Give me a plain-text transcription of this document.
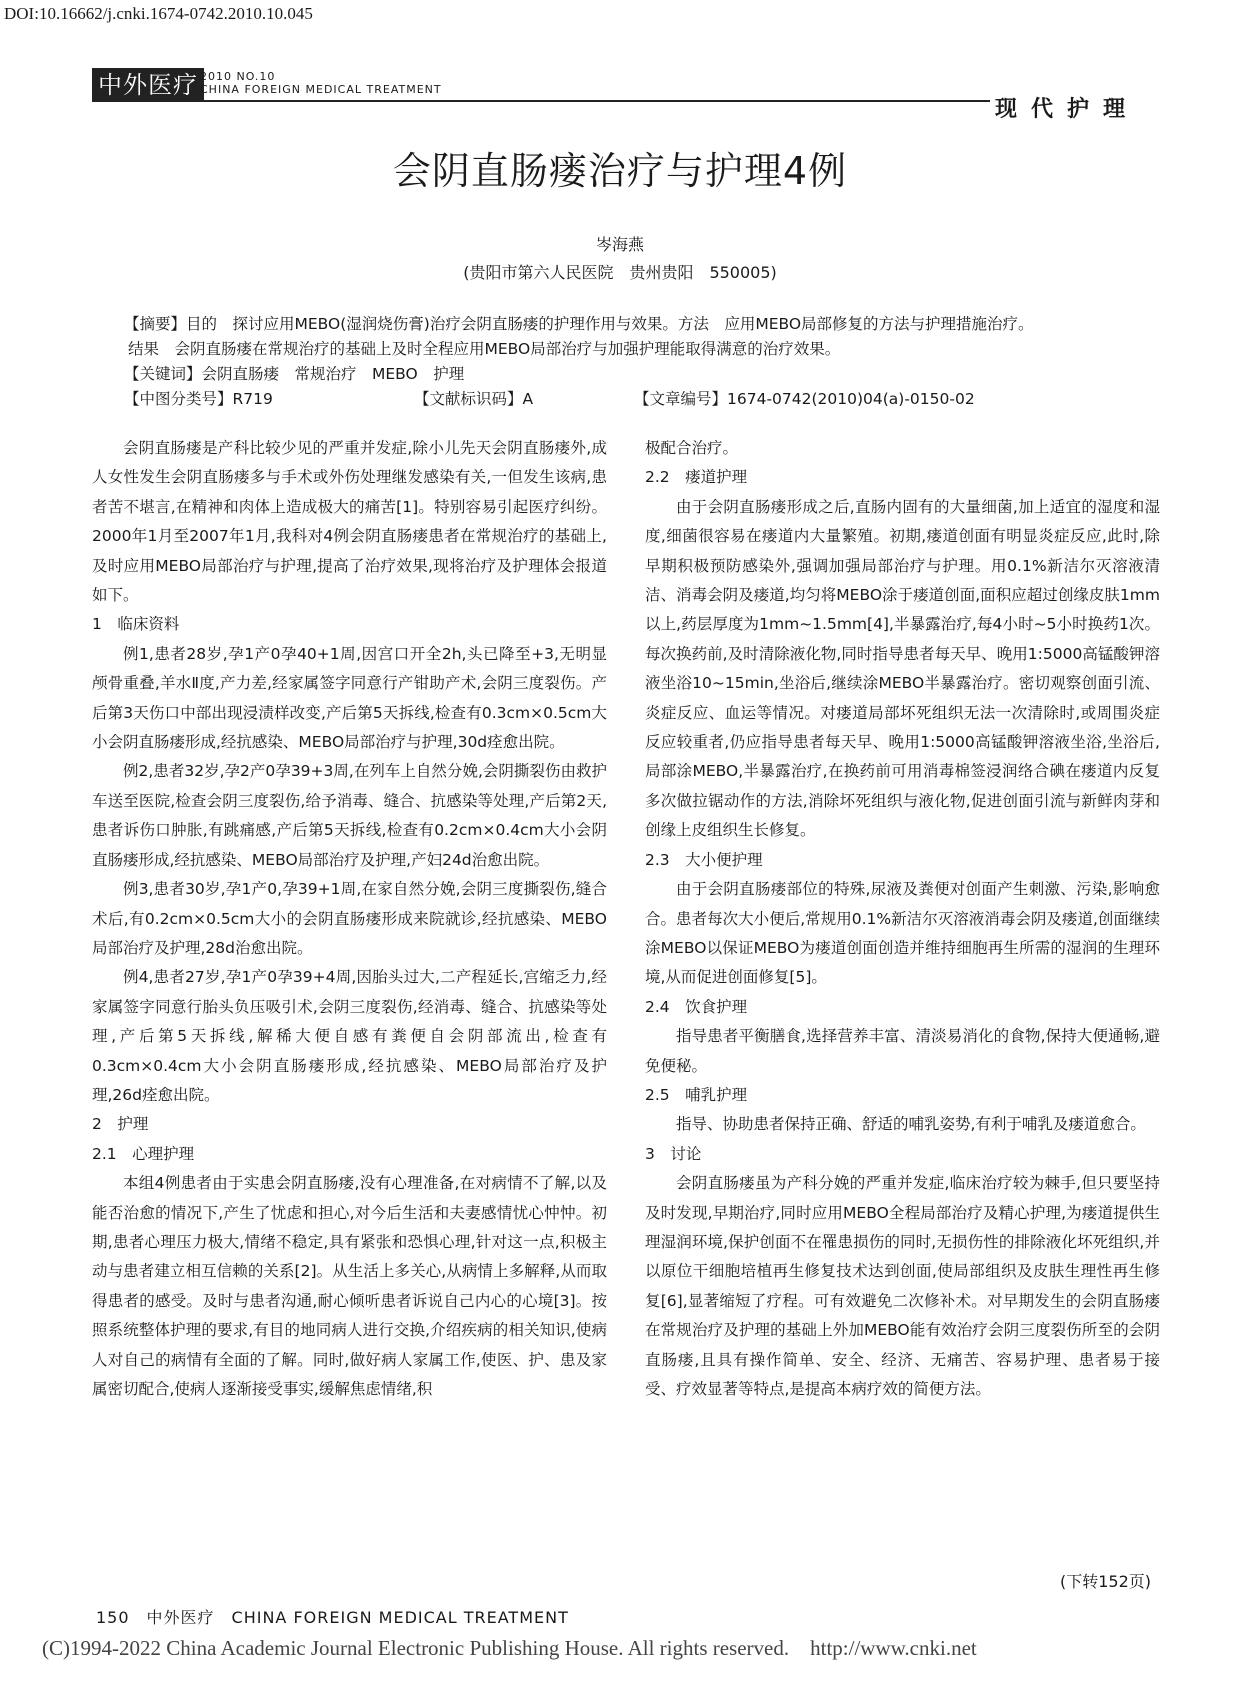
DOI:10.16662/j.cnki.1674-0742.2010.10.045
中外医疗 2010 NO.10
CHINA FOREIGN MEDICAL TREATMENT
现代护理
会阴直肠瘘治疗与护理4例
岑海燕
(贵阳市第六人民医院　贵州贵阳　550005)

【摘要】目的　探讨应用MEBO(湿润烧伤膏)治疗会阴直肠瘘的护理作用与效果。方法　应用MEBO局部修复的方法与护理措施治疗。

结果　会阴直肠瘘在常规治疗的基础上及时全程应用MEBO局部治疗与加强护理能取得满意的治疗效果。

【关键词】会阴直肠瘘　常规治疗　MEBO　护理

【中图分类号】R719	【文献标识码】A	【文章编号】1674-0742(2010)04(a)-0150-02

会阴直肠瘘是产科比较少见的严重并发症,除小儿先天会阴直肠瘘外,成人女性发生会阴直肠瘘多与手术或外伤处理继发感染有关,一但发生该病,患者苦不堪言,在精神和肉体上造成极大的痛苦[1]。特别容易引起医疗纠纷。2000年1月至2007年1月,我科对4例会阴直肠瘘患者在常规治疗的基础上,及时应用MEBO局部治疗与护理,提高了治疗效果,现将治疗及护理体会报道如下。

1　临床资料

例1,患者28岁,孕1产0孕40+1周,因宫口开全2h,头已降至+3,无明显颅骨重叠,羊水Ⅱ度,产力差,经家属签字同意行产钳助产术,会阴三度裂伤。产后第3天伤口中部出现浸渍样改变,产后第5天拆线,检查有0.3cm×0.5cm大小会阴直肠瘘形成,经抗感染、MEBO局部治疗与护理,30d痊愈出院。

例2,患者32岁,孕2产0孕39+3周,在列车上自然分娩,会阴撕裂伤由救护车送至医院,检查会阴三度裂伤,给予消毒、缝合、抗感染等处理,产后第2天,患者诉伤口肿胀,有跳痛感,产后第5天拆线,检查有0.2cm×0.4cm大小会阴直肠瘘形成,经抗感染、MEBO局部治疗及护理,产妇24d治愈出院。

例3,患者30岁,孕1产0,孕39+1周,在家自然分娩,会阴三度撕裂伤,缝合术后,有0.2cm×0.5cm大小的会阴直肠瘘形成来院就诊,经抗感染、MEBO局部治疗及护理,28d治愈出院。

例4,患者27岁,孕1产0孕39+4周,因胎头过大,二产程延长,宫缩乏力,经家属签字同意行胎头负压吸引术,会阴三度裂伤,经消毒、缝合、抗感染等处理,产后第5天拆线,解稀大便自感有粪便自会阴部流出,检查有0.3cm×0.4cm大小会阴直肠瘘形成,经抗感染、MEBO局部治疗及护理,26d痊愈出院。

2　护理

2.1　心理护理

本组4例患者由于实患会阴直肠瘘,没有心理准备,在对病情不了解,以及能否治愈的情况下,产生了忧虑和担心,对今后生活和夫妻感情忧心忡忡。初期,患者心理压力极大,情绪不稳定,具有紧张和恐惧心理,针对这一点,积极主动与患者建立相互信赖的关系[2]。从生活上多关心,从病情上多解释,从而取得患者的感受。及时与患者沟通,耐心倾听患者诉说自己内心的心境[3]。按照系统整体护理的要求,有目的地同病人进行交换,介绍疾病的相关知识,使病人对自己的病情有全面的了解。同时,做好病人家属工作,使医、护、患及家属密切配合,使病人逐渐接受事实,缓解焦虑情绪,积

极配合治疗。

2.2　瘘道护理

由于会阴直肠瘘形成之后,直肠内固有的大量细菌,加上适宜的湿度和湿度,细菌很容易在瘘道内大量繁殖。初期,瘘道创面有明显炎症反应,此时,除早期积极预防感染外,强调加强局部治疗与护理。用0.1%新洁尔灭溶液清洁、消毒会阴及瘘道,均匀将MEBO涂于瘘道创面,面积应超过创缘皮肤1mm以上,药层厚度为1mm~1.5mm[4],半暴露治疗,每4小时~5小时换药1次。每次换药前,及时清除液化物,同时指导患者每天早、晚用1:5000高锰酸钾溶液坐浴10~15min,坐浴后,继续涂MEBO半暴露治疗。密切观察创面引流、炎症反应、血运等情况。对瘘道局部坏死组织无法一次清除时,或周围炎症反应较重者,仍应指导患者每天早、晚用1:5000高锰酸钾溶液坐浴,坐浴后,局部涂MEBO,半暴露治疗,在换药前可用消毒棉签浸润络合碘在瘘道内反复多次做拉锯动作的方法,消除坏死组织与液化物,促进创面引流与新鲜肉芽和创缘上皮组织生长修复。

2.3　大小便护理

由于会阴直肠瘘部位的特殊,尿液及粪便对创面产生刺激、污染,影响愈合。患者每次大小便后,常规用0.1%新洁尔灭溶液消毒会阴及瘘道,创面继续涂MEBO以保证MEBO为瘘道创面创造并维持细胞再生所需的湿润的生理环境,从而促进创面修复[5]。

2.4　饮食护理

指导患者平衡膳食,选择营养丰富、清淡易消化的食物,保持大便通畅,避免便秘。

2.5　哺乳护理

指导、协助患者保持正确、舒适的哺乳姿势,有利于哺乳及瘘道愈合。

3　讨论

会阴直肠瘘虽为产科分娩的严重并发症,临床治疗较为棘手,但只要坚持及时发现,早期治疗,同时应用MEBO全程局部治疗及精心护理,为瘘道提供生理湿润环境,保护创面不在罹患损伤的同时,无损伤性的排除液化坏死组织,并以原位干细胞培植再生修复技术达到创面,使局部组织及皮肤生理性再生修复[6],显著缩短了疗程。可有效避免二次修补术。对早期发生的会阴直肠瘘在常规治疗及护理的基础上外加MEBO能有效治疗会阴三度裂伤所至的会阴直肠瘘,且具有操作简单、安全、经济、无痛苦、容易护理、患者易于接受、疗效显著等特点,是提高本病疗效的简便方法。

(下转152页)
150　中外医疗　CHINA FOREIGN MEDICAL TREATMENT
(C)1994-2022 China Academic Journal Electronic Publishing House. All rights reserved.　http://www.cnki.net
